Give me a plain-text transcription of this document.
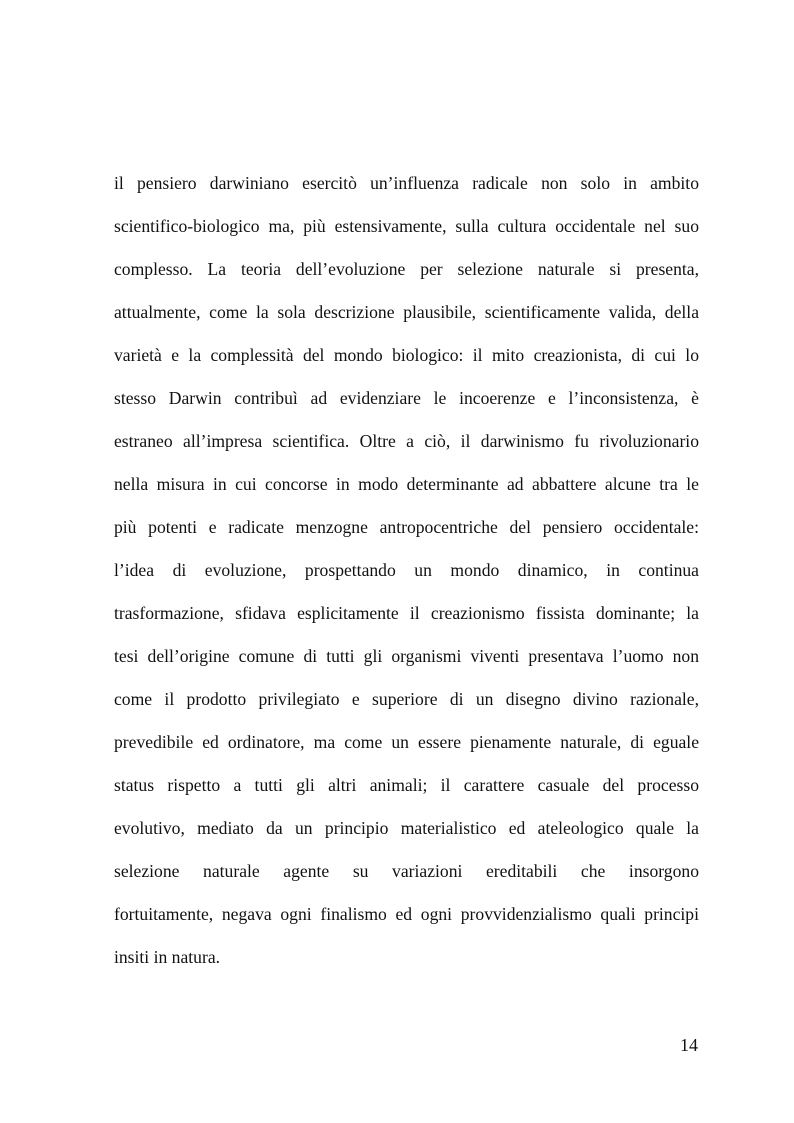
il pensiero darwiniano esercitò un’influenza radicale non solo in ambito
scientifico-biologico ma, più estensivamente, sulla cultura occidentale nel suo
complesso. La teoria dell’evoluzione per selezione naturale si presenta,
attualmente, come la sola descrizione plausibile, scientificamente valida, della
varietà e la complessità del mondo biologico: il mito creazionista, di cui lo
stesso Darwin contribuì ad evidenziare le incoerenze e l’inconsistenza, è
estraneo all’impresa scientifica. Oltre a ciò, il darwinismo fu rivoluzionario
nella misura in cui concorse in modo determinante ad abbattere alcune tra le
più potenti e radicate menzogne antropocentriche del pensiero occidentale:
l’idea di evoluzione, prospettando un mondo dinamico, in continua
trasformazione, sfidava esplicitamente il creazionismo fissista dominante; la
tesi dell’origine comune di tutti gli organismi viventi presentava l’uomo non
come il prodotto privilegiato e superiore di un disegno divino razionale,
prevedibile ed ordinatore, ma come un essere pienamente naturale, di eguale
status rispetto a tutti gli altri animali; il carattere casuale del processo
evolutivo, mediato da un principio materialistico ed ateleologico quale la
selezione naturale agente su variazioni ereditabili che insorgono
fortuitamente, negava ogni finalismo ed ogni provvidenzialismo quali principi
insiti in natura.

14
